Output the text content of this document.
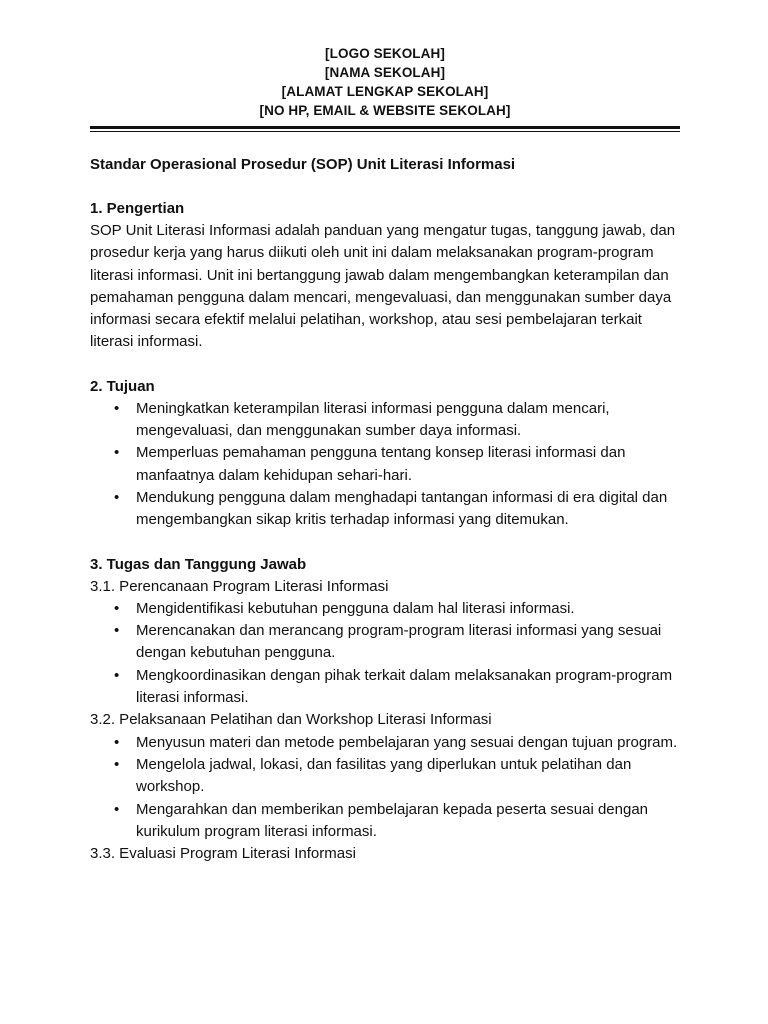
[LOGO SEKOLAH]
[NAMA SEKOLAH]
[ALAMAT LENGKAP SEKOLAH]
[NO HP, EMAIL & WEBSITE SEKOLAH]
Standar Operasional Prosedur (SOP) Unit Literasi Informasi
1. Pengertian
SOP Unit Literasi Informasi adalah panduan yang mengatur tugas, tanggung jawab, dan prosedur kerja yang harus diikuti oleh unit ini dalam melaksanakan program-program literasi informasi. Unit ini bertanggung jawab dalam mengembangkan keterampilan dan pemahaman pengguna dalam mencari, mengevaluasi, dan menggunakan sumber daya informasi secara efektif melalui pelatihan, workshop, atau sesi pembelajaran terkait literasi informasi.
2. Tujuan
• Meningkatkan keterampilan literasi informasi pengguna dalam mencari, mengevaluasi, dan menggunakan sumber daya informasi.
• Memperluas pemahaman pengguna tentang konsep literasi informasi dan manfaatnya dalam kehidupan sehari-hari.
• Mendukung pengguna dalam menghadapi tantangan informasi di era digital dan mengembangkan sikap kritis terhadap informasi yang ditemukan.
3. Tugas dan Tanggung Jawab
3.1. Perencanaan Program Literasi Informasi
• Mengidentifikasi kebutuhan pengguna dalam hal literasi informasi.
• Merencanakan dan merancang program-program literasi informasi yang sesuai dengan kebutuhan pengguna.
• Mengkoordinasikan dengan pihak terkait dalam melaksanakan program-program literasi informasi.
3.2. Pelaksanaan Pelatihan dan Workshop Literasi Informasi
• Menyusun materi dan metode pembelajaran yang sesuai dengan tujuan program.
• Mengelola jadwal, lokasi, dan fasilitas yang diperlukan untuk pelatihan dan workshop.
• Mengarahkan dan memberikan pembelajaran kepada peserta sesuai dengan kurikulum program literasi informasi.
3.3. Evaluasi Program Literasi Informasi
